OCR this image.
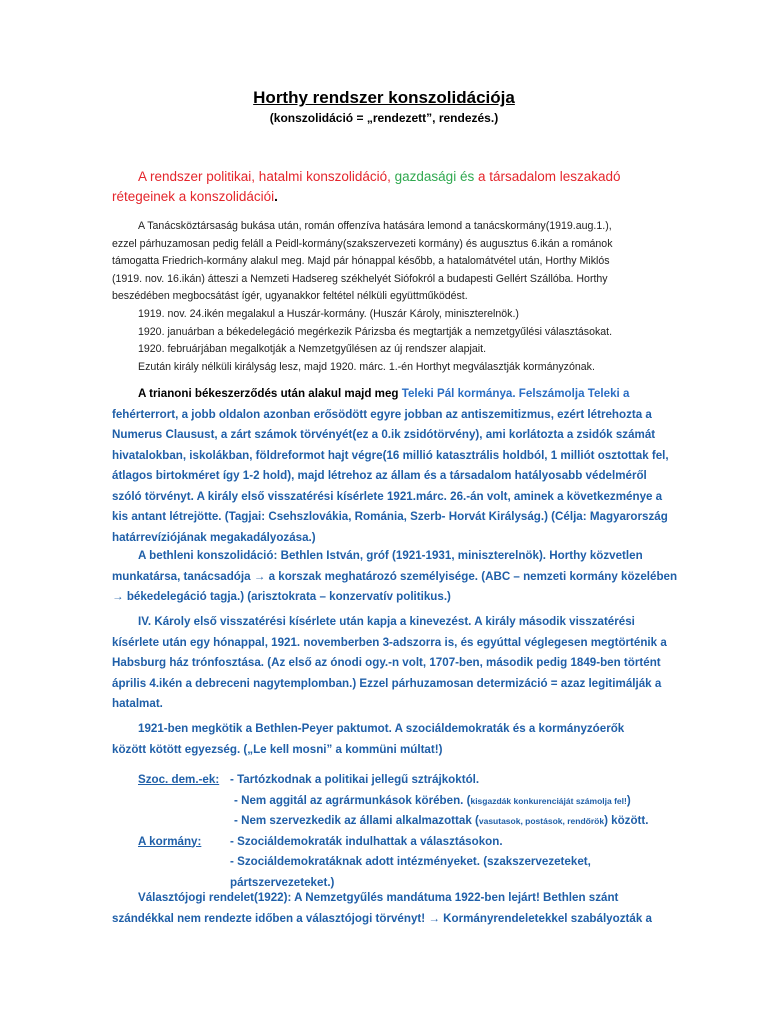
Horthy rendszer konszolidációja
(konszolidáció = „rendezett”, rendezés.)
A rendszer politikai, hatalmi konszolidáció, gazdasági és a társadalom leszakadó
rétegeinek a konszolidációi.

A Tanácsköztársaság bukása után, román offenzíva hatására lemond a tanácskormány(1919.aug.1.),

ezzel párhuzamosan pedig feláll a Peidl-kormány(szakszervezeti kormány) és augusztus 6.ikán a románok

támogatta Friedrich-kormány alakul meg. Majd pár hónappal később, a hatalomátvétel után, Horthy Miklós

(1919. nov. 16.ikán) átteszi a Nemzeti Hadsereg székhelyét Siófokról a budapesti Gellért Szállóba. Horthy

beszédében megbocsátást ígér, ugyanakkor feltétel nélküli együttműködést.

1919. nov. 24.ikén megalakul a Huszár-kormány. (Huszár Károly, miniszterelnök.)

1920. januárban a békedelegáció megérkezik Párizsba és megtartják a nemzetgyűlési választásokat.

1920. februárjában megalkotják a Nemzetgyűlésen az új rendszer alapjait.

Ezután király nélküli királyság lesz, majd 1920. márc. 1.-én Horthyt megválasztják kormányzónak.

A trianoni békeszerződés után alakul majd meg Teleki Pál kormánya. Felszámolja Teleki a

fehérterrort, a jobb oldalon azonban erősödött egyre jobban az antiszemitizmus, ezért létrehozta a

Numerus Clausust, a zárt számok törvényét(ez a 0.ik zsidótörvény), ami korlátozta a zsidók számát

hivatalokban, iskolákban, földreformot hajt végre(16 millió katasztrális holdból, 1 milliót osztottak fel,

átlagos birtokméret így 1-2 hold), majd létrehoz az állam és a társadalom hatályosabb védelméről

szóló törvényt. A király első visszatérési kísérlete 1921.márc. 26.-án volt, aminek a következménye a

kis antant létrejötte. (Tagjai: Csehszlovákia, Románia, Szerb- Horvát Királyság.) (Célja: Magyarország

határrevíziójának megakadályozása.)

A bethleni konszolidáció: Bethlen István, gróf (1921-1931, miniszterelnök). Horthy közvetlen

munkatársa, tanácsadója → a korszak meghatározó személyisége. (ABC – nemzeti kormány közelében

→ békedelegáció tagja.) (arisztokrata – konzervatív politikus.)

IV. Károly első visszatérési kísérlete után kapja a kinevezést. A király második visszatérési

kísérlete után egy hónappal, 1921. novemberben 3-adszorra is, és egyúttal véglegesen megtörténik a

Habsburg ház trónfosztása. (Az első az ónodi ogy.-n volt, 1707-ben, második pedig 1849-ben történt

április 4.ikén a debreceni nagytemplomban.) Ezzel párhuzamosan determizáció = azaz legitimálják a

hatalmat.

1921-ben megkötik a Bethlen-Peyer paktumot. A szociáldemokraták és a kormányzóerők

között kötött egyezség. („Le kell mosni” a kommüni múltat!)

Szoc. dem.-ek: - Tartózkodnak a politikai jellegű sztrájkoktól.

- Nem aggitál az agrármunkások körében. (kisgazdák konkurenciáját számolja fel!)

- Nem szervezkedik az állami alkalmazottak (vasutasok, postások, rendőrök) között.

A kormány: - Szociáldemokraták indulhattak a választásokon.

- Szociáldemokratáknak adott intézményeket. (szakszervezeteket,

pártszervezeteket.)

Választójogi rendelet(1922): A Nemzetgyűlés mandátuma 1922-ben lejárt! Bethlen szánt

szándékkal nem rendezte időben a választójogi törvényt! → Kormányrendeletekkel szabályozták a
